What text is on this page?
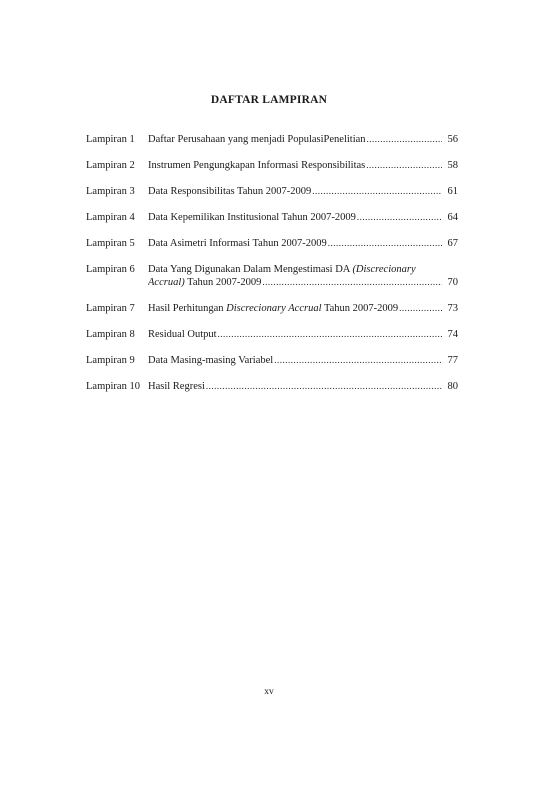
DAFTAR LAMPIRAN
Lampiran 1	Daftar Perusahaan yang menjadi PopulasiPenelitian .....	56
Lampiran 2	Instrumen Pengungkapan Informasi Responsibilitas .....	58
Lampiran 3	Data Responsibilitas Tahun 2007-2009 .....	61
Lampiran 4	Data Kepemilikan Institusional Tahun 2007-2009 .....	64
Lampiran 5	Data Asimetri Informasi Tahun 2007-2009 .....	67
Lampiran 6	Data Yang Digunakan Dalam Mengestimasi DA (Discrecionary
Accrual) Tahun 2007-2009 .....	70
Lampiran 7	Hasil Perhitungan Discrecionary Accrual Tahun 2007-2009 .....	73
Lampiran 8	Residual Output .....	74
Lampiran 9	Data Masing-masing Variabel .....	77
Lampiran 10 Hasil Regresi .....	80
xv
